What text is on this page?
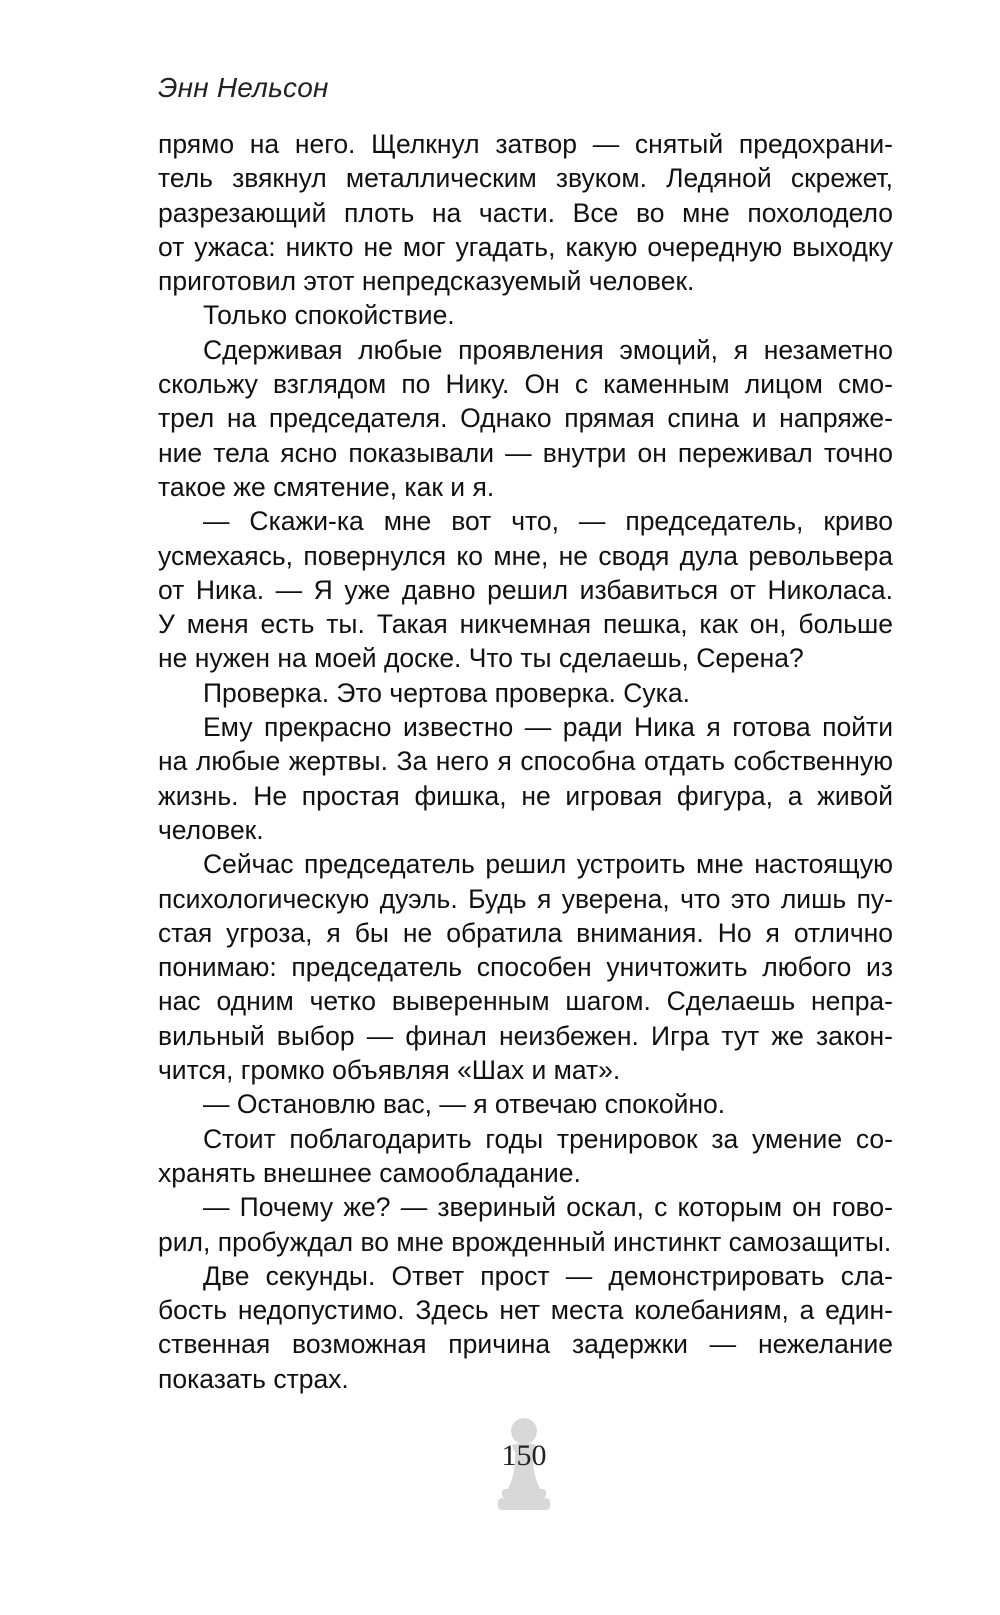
Энн Нельсон
прямо на него. Щелкнул затвор — снятый предохрани-
тель звякнул металлическим звуком. Ледяной скрежет,
разрезающий плоть на части. Все во мне похолодело
от ужаса: никто не мог угадать, какую очередную выходку
приготовил этот непредсказуемый человек.
Только спокойствие.
Сдерживая любые проявления эмоций, я незаметно
скольжу взглядом по Нику. Он с каменным лицом смо-
трел на председателя. Однако прямая спина и напряже-
ние тела ясно показывали — внутри он переживал точно
такое же смятение, как и я.
— Скажи-ка мне вот что, — председатель, криво
усмехаясь, повернулся ко мне, не сводя дула револьвера
от Ника. — Я уже давно решил избавиться от Николаса.
У меня есть ты. Такая никчемная пешка, как он, больше
не нужен на моей доске. Что ты сделаешь, Серена?
Проверка. Это чертова проверка. Сука.
Ему прекрасно известно — ради Ника я готова пойти
на любые жертвы. За него я способна отдать собственную
жизнь. Не простая фишка, не игровая фигура, а живой
человек.
Сейчас председатель решил устроить мне настоящую
психологическую дуэль. Будь я уверена, что это лишь пу-
стая угроза, я бы не обратила внимания. Но я отлично
понимаю: председатель способен уничтожить любого из
нас одним четко выверенным шагом. Сделаешь непра-
вильный выбор — финал неизбежен. Игра тут же закон-
чится, громко объявляя «Шах и мат».
— Остановлю вас, — я отвечаю спокойно.
Стоит поблагодарить годы тренировок за умение со-
хранять внешнее самообладание.
— Почему же? — звериный оскал, с которым он гово-
рил, пробуждал во мне врожденный инстинкт самозащиты.
Две секунды. Ответ прост — демонстрировать сла-
бость недопустимо. Здесь нет места колебаниям, а един-
ственная возможная причина задержки — нежелание
показать страх.
150
